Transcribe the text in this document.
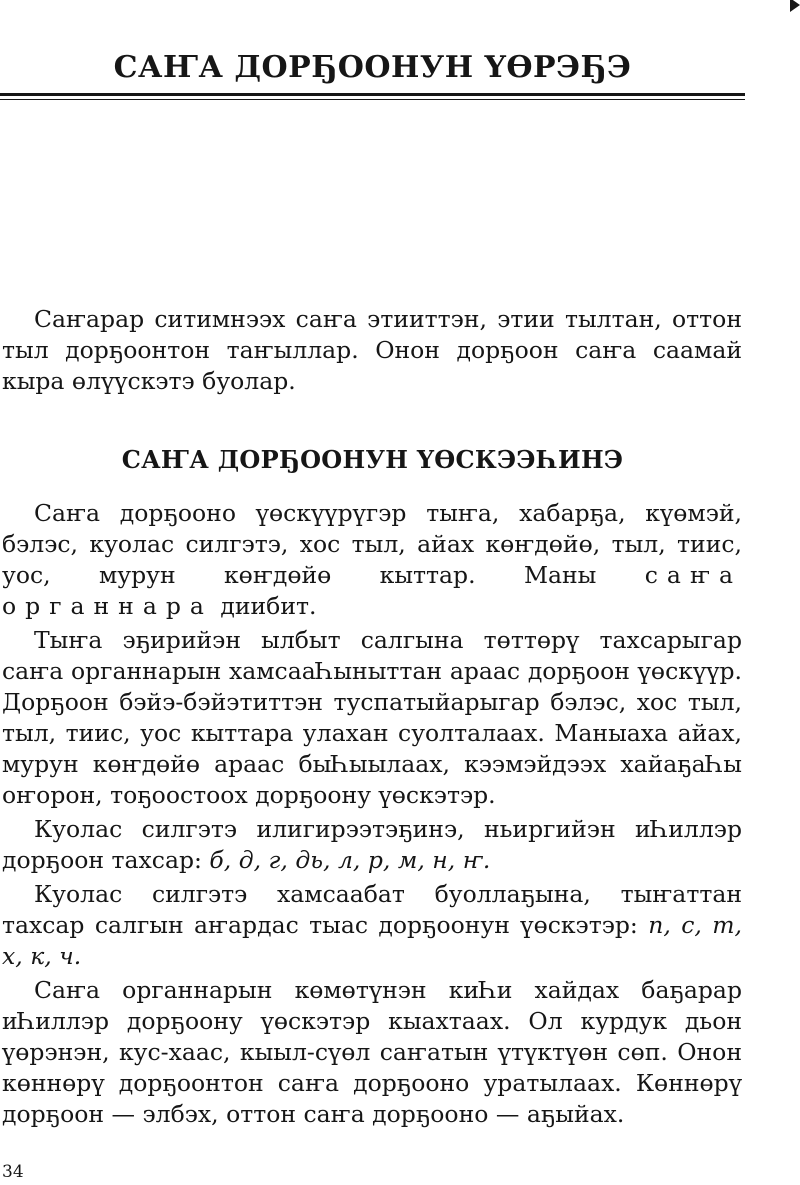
САҤА ДОРҔООНУН ҮӨРЭҔЭ

Саҥарар ситимнээх саҥа этииттэн, этии тылтан, оттон тыл дорҕоонтон таҥыллар. Онон дорҕоон саҥа саамай кыра өлүүскэтэ буолар.

САҤА ДОРҔООНУН ҮӨСКЭЭҺИНЭ

Саҥа дорҕооно үөскүүрүгэр тыҥа, хабарҕа, күөмэй, бэлэс, куолас силгэтэ, хос тыл, айах көҥдөйө, тыл, тиис, уос, мурун көҥдөйө кыттар. Маны саҥа органнара диибит.

Тыҥа эҕирийэн ылбыт салгына төттөрү тахсарыгар саҥа органнарын хамсааҺыныттан араас дорҕоон үөскүүр. Дорҕоон бэйэ-бэйэтиттэн туспатыйарыгар бэлэс, хос тыл, тыл, тиис, уос кыттара улахан суолталаах. Маныаха айах, мурун көҥдөйө араас быҺыылаах, кээмэйдээх хайаҕаҺы оҥорон, тоҕоостоох дорҕоону үөскэтэр.

Куолас силгэтэ илигирээтэҕинэ, ньиргийэн иҺиллэр дорҕоон тахсар: б, д, г, дь, л, р, м, н, ҥ.

Куолас силгэтэ хамсаабат буоллаҕына, тыҥаттан тахсар салгын аҥардас тыас дорҕоонун үөскэтэр: п, с, т, х, к, ч.

Саҥа органнарын көмөтүнэн киҺи хайдах баҕарар иҺиллэр дорҕоону үөскэтэр кыахтаах. Ол курдук дьон үөрэнэн, кус-хаас, кыыл-сүөл саҥатын үтүктүөн сөп. Онон көннөрү дорҕоонтон саҥа дорҕооно уратылаах. Көннөрү дорҕоон — элбэх, оттон саҥа дорҕооно — аҕыйах.

34
